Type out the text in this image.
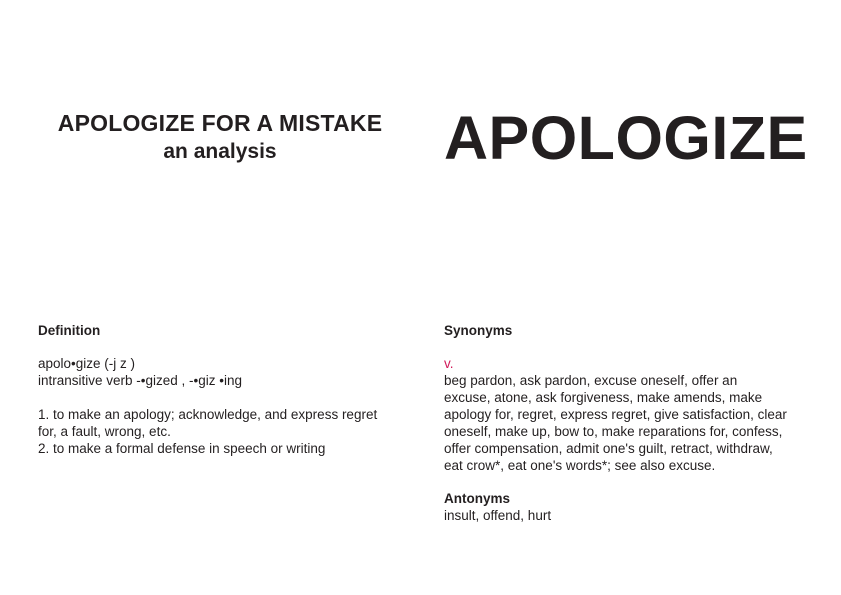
APOLOGIZE FOR A MISTAKE
an analysis	APOLOGIZE
Definition
apolo•gize (-j z )
intransitive verb -•gized , -•giz •ing
1. to make an apology; acknowledge, and express regret
for, a fault, wrong, etc.
2. to make a formal defense in speech or writing
Synonyms
v.
beg pardon, ask pardon, excuse oneself, offer an
excuse, atone, ask forgiveness, make amends, make
apology for, regret, express regret, give satisfaction, clear
oneself, make up, bow to, make reparations for, confess,
offer compensation, admit one's guilt, retract, withdraw,
eat crow*, eat one's words*; see also excuse.
Antonyms
insult, offend, hurt
